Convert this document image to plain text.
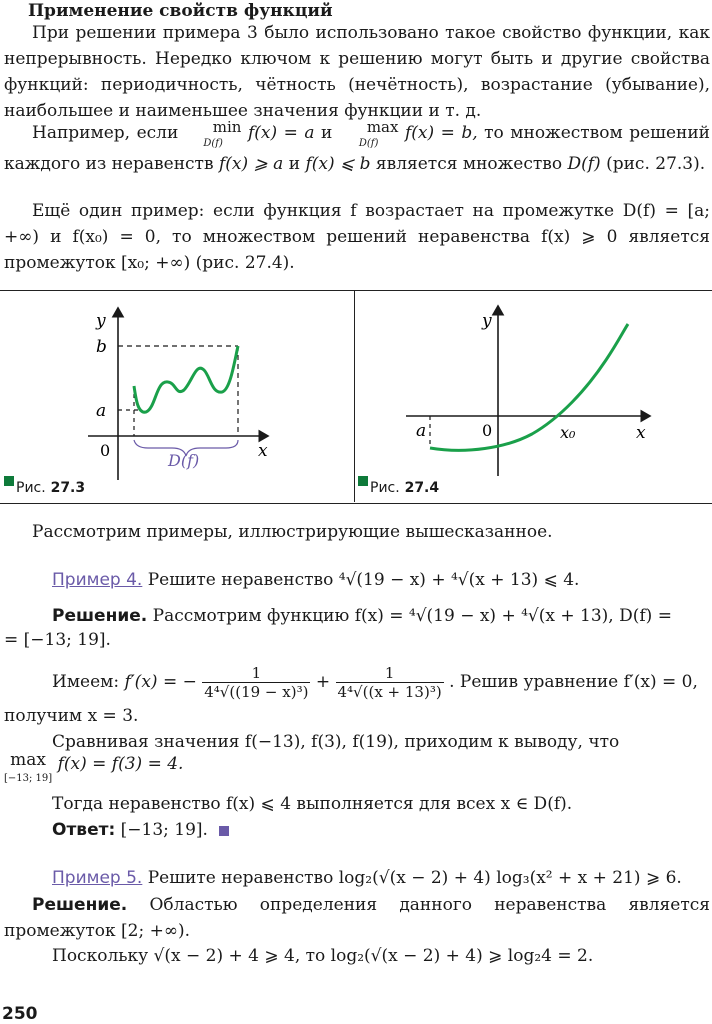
Применение свойств функций

При решении примера 3 было использовано такое свойство функции, как непрерывность. Нередко ключом к решению могут быть и другие свойства функций: периодичность, чётность (нечётность), возрастание (убывание), наибольшее и наименьшее значения функции и т. д.

Например, если min
D(f) f(x) = a и max
D(f) f(x) = b, то множеством решений каждого из неравенств f(x) ⩾ a и f(x) ⩽ b является множество D(f) (рис. 27.3).

Ещё один пример: если функция f возрастает на промежутке D(f) = [a; +∞) и f(x₀) = 0, то множеством решений неравенства f(x) ⩾ 0 является промежуток [x₀; +∞) (рис. 27.4).

y
x
0
a
b
D(f)
Рис. 27.3
y
x
0
a	x₀
Рис. 27.4
Рассмотрим примеры, иллюстрирующие вышесказанное.
Пример 4. Решите неравенство ⁴√(19 − x) + ⁴√(x + 13) ⩽ 4.
Решение. Рассмотрим функцию f(x) = ⁴√(19 − x) + ⁴√(x + 13), D(f) =
= [−13; 19].
Имеем: f′(x) = − $\frac{1}{\text{4⁴√((19 − x)³)}} + \frac{1}{\text{4⁴√((x + 13)³)}}$ . Решив уравнение f′(x) = 0,
получим x = 3.
Сравнивая значения f(−13), f(3), f(19), приходим к выводу, что
max
[−13; 19] f(x) = f(3) = 4.
Тогда неравенство f(x) ⩽ 4 выполняется для всех x ∈ D(f).
Ответ: [−13; 19].
Пример 5. Решите неравенство log₂(√(x − 2) + 4) log₃(x² + x + 21) ⩾ 6.
Решение. Областью определения данного неравенства является промежуток [2; +∞).
Поскольку √(x − 2) + 4 ⩾ 4, то log₂(√(x − 2) + 4) ⩾ log₂4 = 2.
250
